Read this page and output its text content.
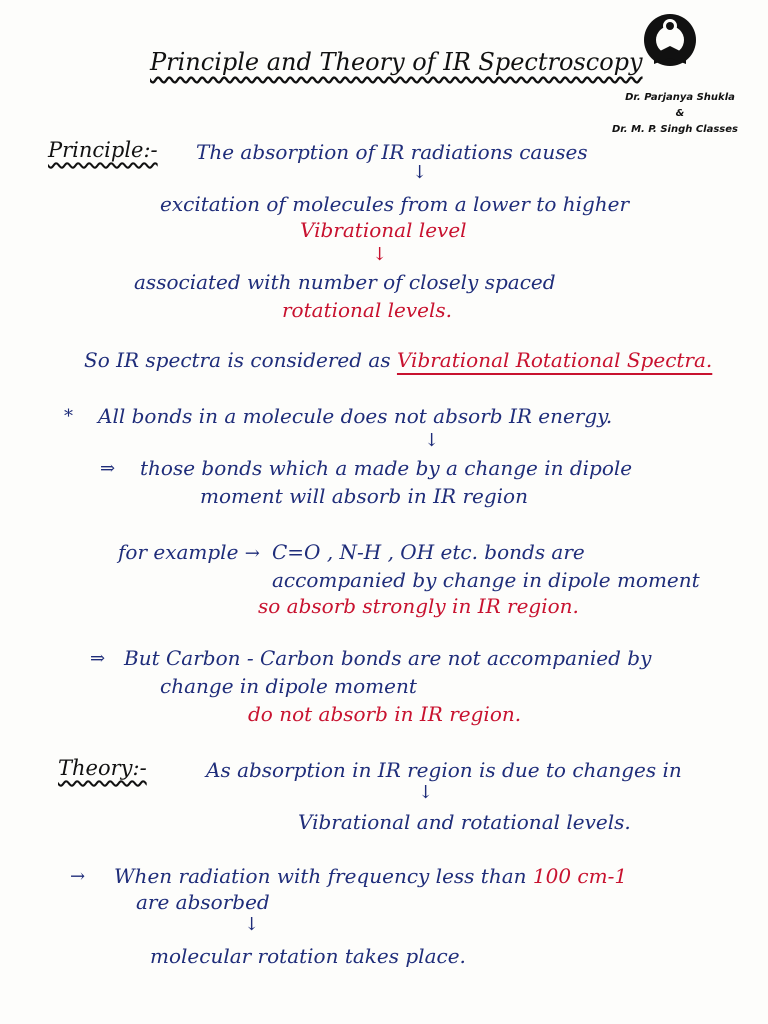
Principle and Theory of IR Spectroscopy
Dr. Parjanya Shukla
&
Dr. M. P. Singh Classes
Principle:- The absorption of IR radiations causes
↓
excitation of molecules from a lower to higher
Vibrational level
↓
associated with number of closely spaced
rotational levels.
So IR spectra is considered as Vibrational Rotational Spectra.
* All bonds in a molecule does not absorb IR energy.
↓
⇒ those bonds which a made by a change in dipole
moment will absorb in IR region
for example → C=O , N-H , OH etc. bonds are
accompanied by change in dipole moment
so absorb strongly in IR region.
⇒ But Carbon - Carbon bonds are not accompanied by
change in dipole moment
do not absorb in IR region.
Theory:-	As absorption in IR region is due to changes in
↓
Vibrational and rotational levels.
→ When radiation with frequency less than 100 cm-1
are absorbed
↓
molecular rotation takes place.
